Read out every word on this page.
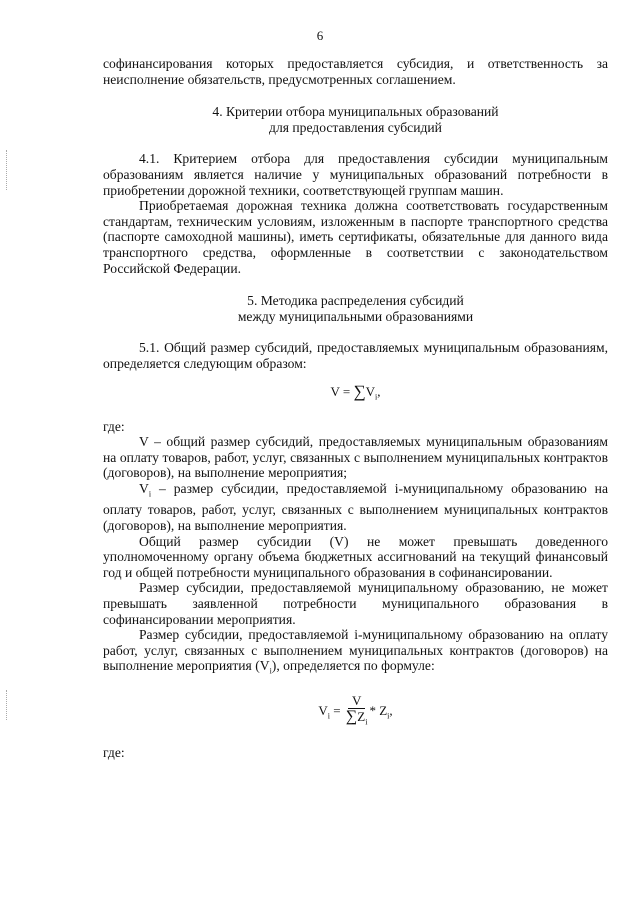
6

софинансирования которых предоставляется субсидия, и ответственность за неисполнение обязательств, предусмотренных соглашением.

4. Критерии отбора муниципальных образований
для предоставления субсидий

4.1. Критерием отбора для предоставления субсидии муниципальным образованиям является наличие у муниципальных образований потребности в приобретении дорожной техники, соответствующей группам машин.

Приобретаемая дорожная техника должна соответствовать государственным стандартам, техническим условиям, изложенным в паспорте транспортного средства (паспорте самоходной машины), иметь сертификаты, обязательные для данного вида транспортного средства, оформленные в соответствии с законодательством Российской Федерации.

5. Методика распределения субсидий
между муниципальными образованиями

5.1. Общий размер субсидий, предоставляемых муниципальным образованиям, определяется следующим образом:

$V = \sum V_i$,

где:

V – общий размер субсидий, предоставляемых муниципальным образованиям на оплату товаров, работ, услуг, связанных с выполнением муниципальных контрактов (договоров), на выполнение мероприятия;

$V_i$ – размер субсидии, предоставляемой i-муниципальному образованию на оплату товаров, работ, услуг, связанных с выполнением муниципальных контрактов (договоров), на выполнение мероприятия.

Общий размер субсидии (V) не может превышать доведенного уполномоченному органу объема бюджетных ассигнований на текущий финансовый год и общей потребности муниципального образования в софинансировании.

Размер субсидии, предоставляемой муниципальному образованию, не может превышать заявленной потребности муниципального образования в софинансировании мероприятия.

Размер субсидии, предоставляемой i-муниципальному образованию на оплату работ, услуг, связанных с выполнением муниципальных контрактов (договоров) на выполнение мероприятия $(V_i)$, определяется по формуле:

$V_i = \frac{V}{\sum Z_i} * Z_i$,

где:
